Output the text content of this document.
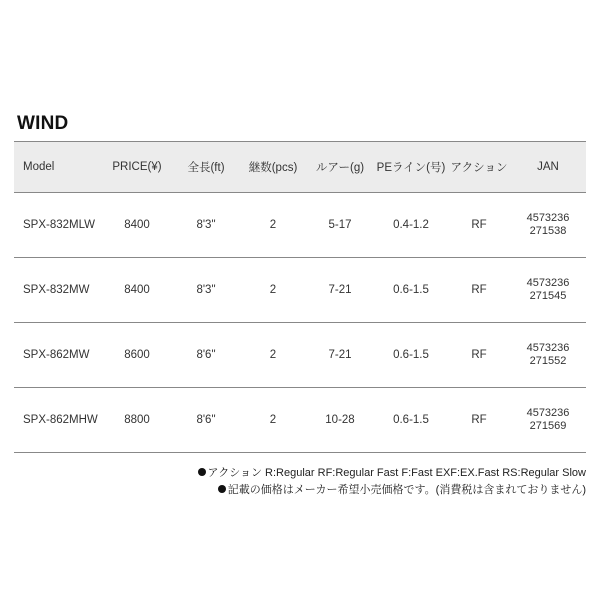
WIND
Model	PRICE(¥)	全長(ft)	継数(pcs)	ルアー(g)	PEライン(号)	アクション	JAN
SPX-832MLW	8400	8'3"	2	5-17	0.4-1.2	RF	4573236
271538

SPX-832MW	8400	8'3"	2	7-21	0.6-1.5	RF	4573236
271545

SPX-862MW	8600	8'6"	2	7-21	0.6-1.5	RF	4573236
271552

SPX-862MHW	8800	8'6"	2	10-28	0.6-1.5	RF	4573236
271569
アクション R:Regular RF:Regular Fast F:Fast EXF:EX.Fast RS:Regular Slow
記載の価格はメーカー希望小売価格です。(消費税は含まれておりません)
